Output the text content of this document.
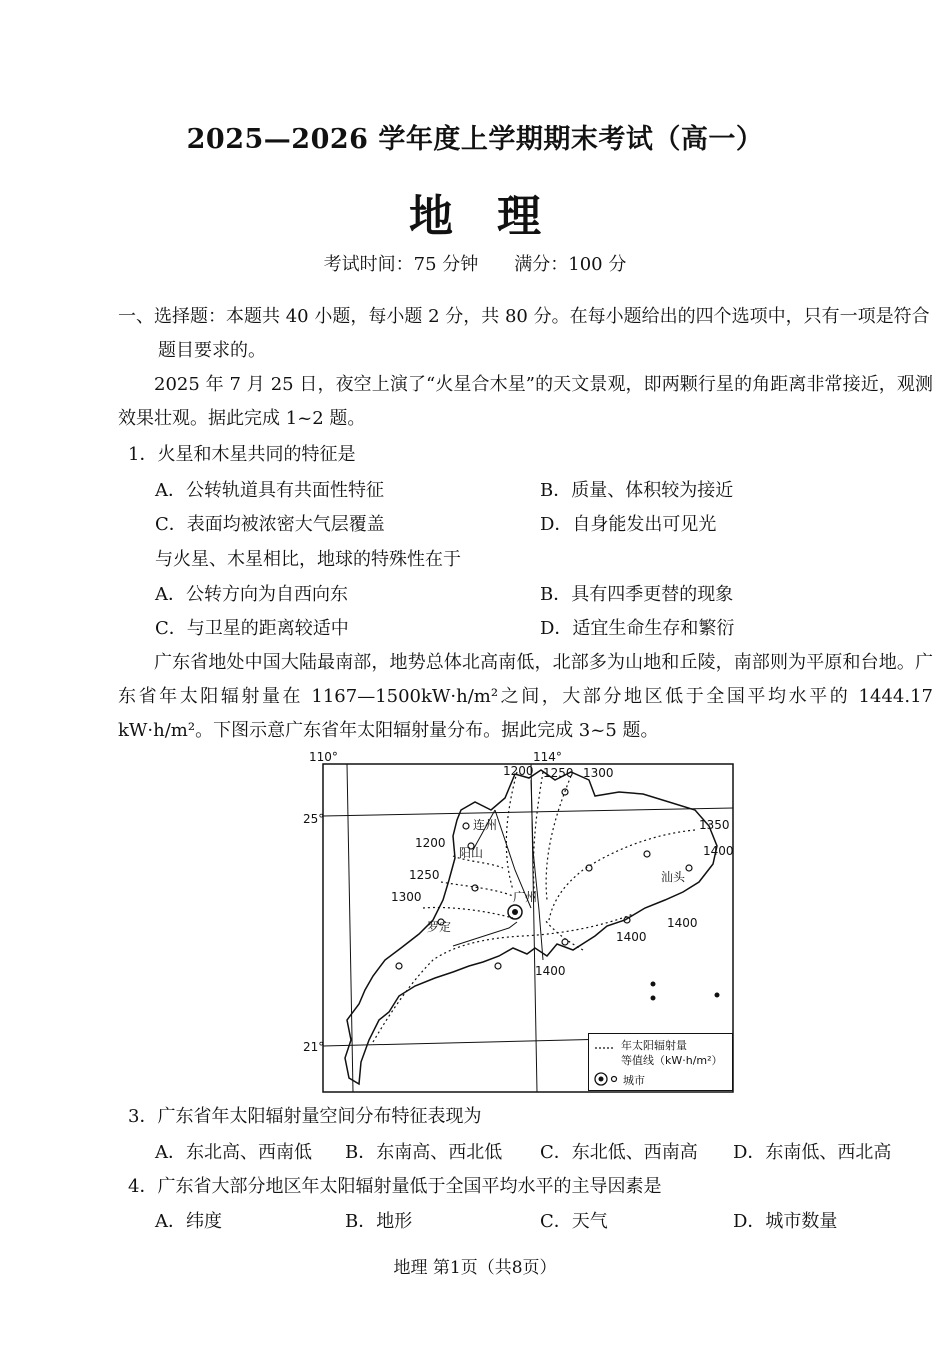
2025—2026 学年度上学期期末考试（高一）
地理
考试时间：75 分钟 满分：100 分
一、选择题：本题共 40 小题，每小题 2 分，共 80 分。在每小题给出的四个选项中，只有一项是符合题目要求的。
2025 年 7 月 25 日，夜空上演了“火星合木星”的天文景观，即两颗行星的角距离非常接近，观测效果壮观。据此完成 1~2 题。
1．火星和木星共同的特征是
A．公转轨道具有共面性特征	B．质量、体积较为接近
C．表面均被浓密大气层覆盖	D．自身能发出可见光
与火星、木星相比，地球的特殊性在于
A．公转方向为自西向东	B．具有四季更替的现象
C．与卫星的距离较适中	D．适宜生命生存和繁衍
广东省地处中国大陆最南部，地势总体北高南低，北部多为山地和丘陵，南部则为平原和台地。广东省年太阳辐射量在 1167—1500kW·h/m²之间，大部分地区低于全国平均水平的 1444.17 kW·h/m²。下图示意广东省年太阳辐射量分布。据此完成 3~5 题。
110°	114°
25°
21°
1200 1250 1300
1350
1400
1200
1250
1300
1400
1400
1400
连州
阳山
广州
罗定
汕头
年太阳辐射量
等值线（kW·h/m²）
城市
3．广东省年太阳辐射量空间分布特征表现为
A．东北高、西南低 B．东南高、西北低 C．东北低、西南高 D．东南低、西北高
4．广东省大部分地区年太阳辐射量低于全国平均水平的主导因素是
A．纬度	B．地形	C．天气	D．城市数量
地理 第1页（共8页）
